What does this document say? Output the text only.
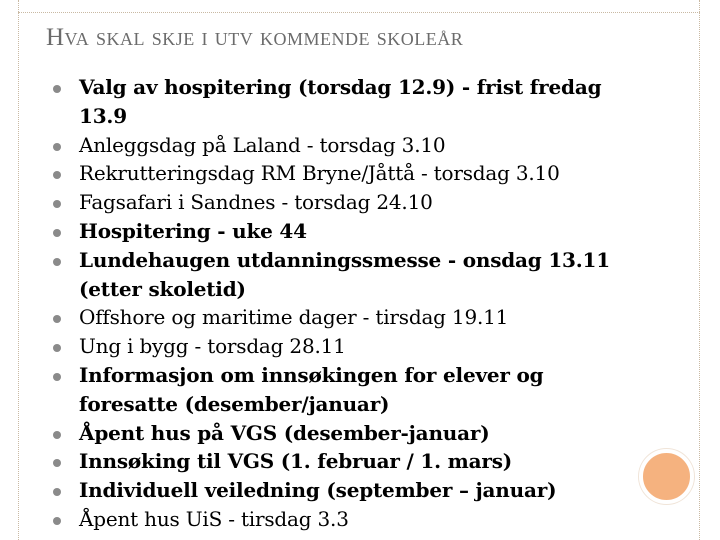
Hva skal skje i utv kommende skoleår
Valg av hospitering (torsdag 12.9) - frist fredag 13.9
Anleggsdag på Laland - torsdag 3.10
Rekrutteringsdag RM Bryne/Jåttå - torsdag 3.10
Fagsafari i Sandnes - torsdag 24.10
Hospitering - uke 44
Lundehaugen utdanningssmesse - onsdag 13.11 (etter skoletid)
Offshore og maritime dager - tirsdag 19.11
Ung i bygg - torsdag 28.11
Informasjon om innsøkingen for elever og foresatte (desember/januar)
Åpent hus på VGS (desember-januar)
Innsøking til VGS (1. februar / 1. mars)
Individuell veiledning (september – januar)
Åpent hus UiS - tirsdag 3.3
